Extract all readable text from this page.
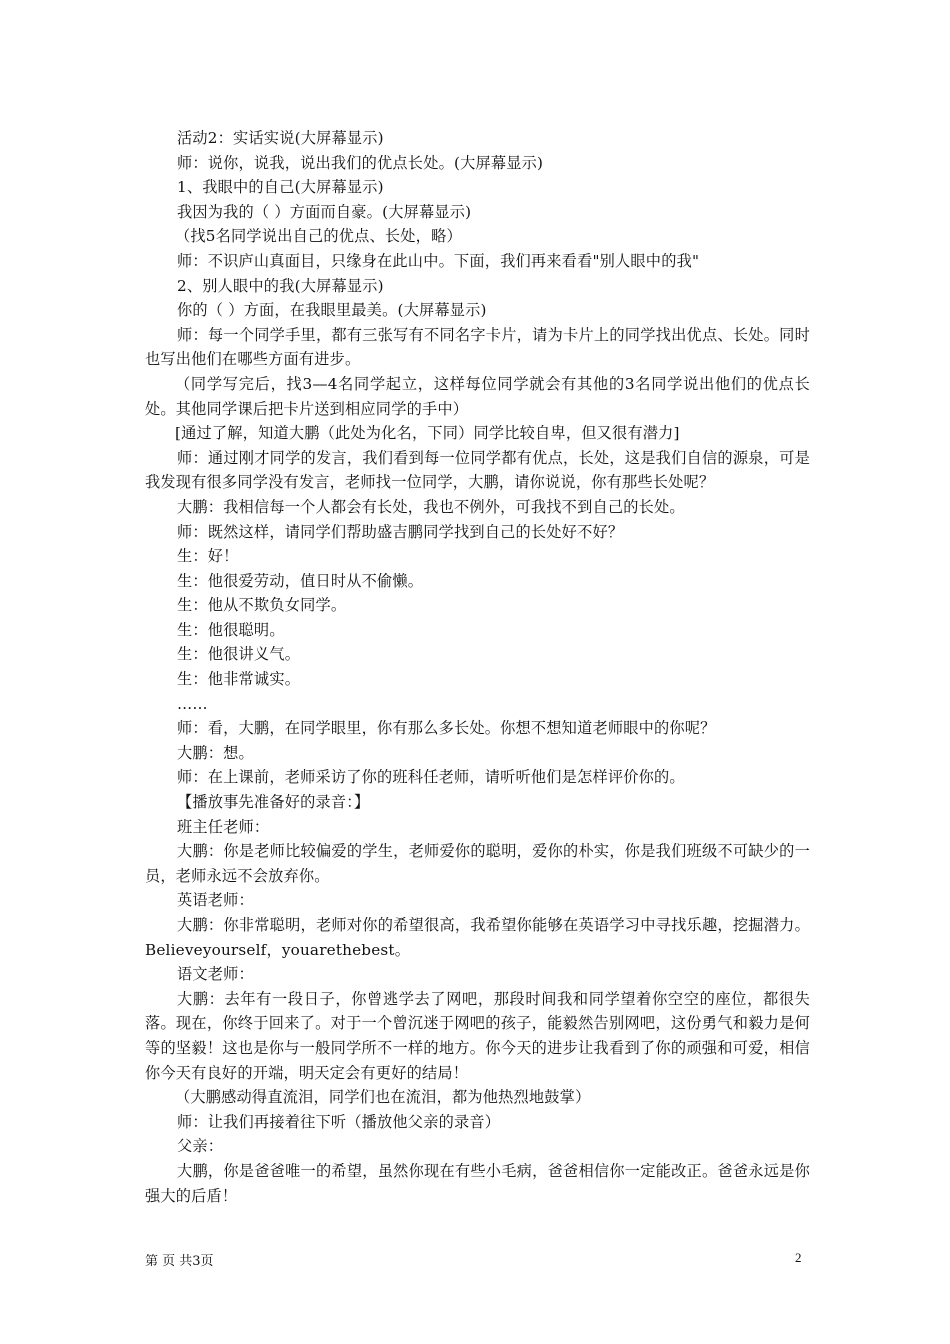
活动2：实话实说(大屏幕显示)

师：说你，说我，说出我们的优点长处。(大屏幕显示)

1、我眼中的自己(大屏幕显示)

我因为我的（ ）方面而自豪。(大屏幕显示)

（找5名同学说出自己的优点、长处，略）

师：不识庐山真面目，只缘身在此山中。下面，我们再来看看"别人眼中的我"

2、别人眼中的我(大屏幕显示)

你的（ ）方面，在我眼里最美。(大屏幕显示)

师：每一个同学手里，都有三张写有不同名字卡片，请为卡片上的同学找出优点、长处。同时也写出他们在哪些方面有进步。

（同学写完后，找3—4名同学起立，这样每位同学就会有其他的3名同学说出他们的优点长处。其他同学课后把卡片送到相应同学的手中）

[通过了解，知道大鹏（此处为化名，下同）同学比较自卑，但又很有潜力]

师：通过刚才同学的发言，我们看到每一位同学都有优点，长处，这是我们自信的源泉，可是我发现有很多同学没有发言，老师找一位同学，大鹏，请你说说，你有那些长处呢？

大鹏：我相信每一个人都会有长处，我也不例外，可我找不到自己的长处。

师：既然这样，请同学们帮助盛吉鹏同学找到自己的长处好不好？

生：好！

生：他很爱劳动，值日时从不偷懒。

生：他从不欺负女同学。

生：他很聪明。

生：他很讲义气。

生：他非常诚实。

……

师：看，大鹏，在同学眼里，你有那么多长处。你想不想知道老师眼中的你呢？

大鹏：想。

师：在上课前，老师采访了你的班科任老师，请听听他们是怎样评价你的。

【播放事先准备好的录音：】

班主任老师：

大鹏：你是老师比较偏爱的学生，老师爱你的聪明，爱你的朴实，你是我们班级不可缺少的一员，老师永远不会放弃你。

英语老师：

大鹏：你非常聪明，老师对你的希望很高，我希望你能够在英语学习中寻找乐趣，挖掘潜力。Believeyourself，youarethebest。

语文老师：

大鹏：去年有一段日子，你曾逃学去了网吧，那段时间我和同学望着你空空的座位，都很失落。现在，你终于回来了。对于一个曾沉迷于网吧的孩子，能毅然告别网吧，这份勇气和毅力是何等的坚毅！这也是你与一般同学所不一样的地方。你今天的进步让我看到了你的顽强和可爱，相信你今天有良好的开端，明天定会有更好的结局！

（大鹏感动得直流泪，同学们也在流泪，都为他热烈地鼓掌）

师：让我们再接着往下听（播放他父亲的录音）

父亲：

大鹏，你是爸爸唯一的希望，虽然你现在有些小毛病，爸爸相信你一定能改正。爸爸永远是你强大的后盾！

第 页 共3页	2
